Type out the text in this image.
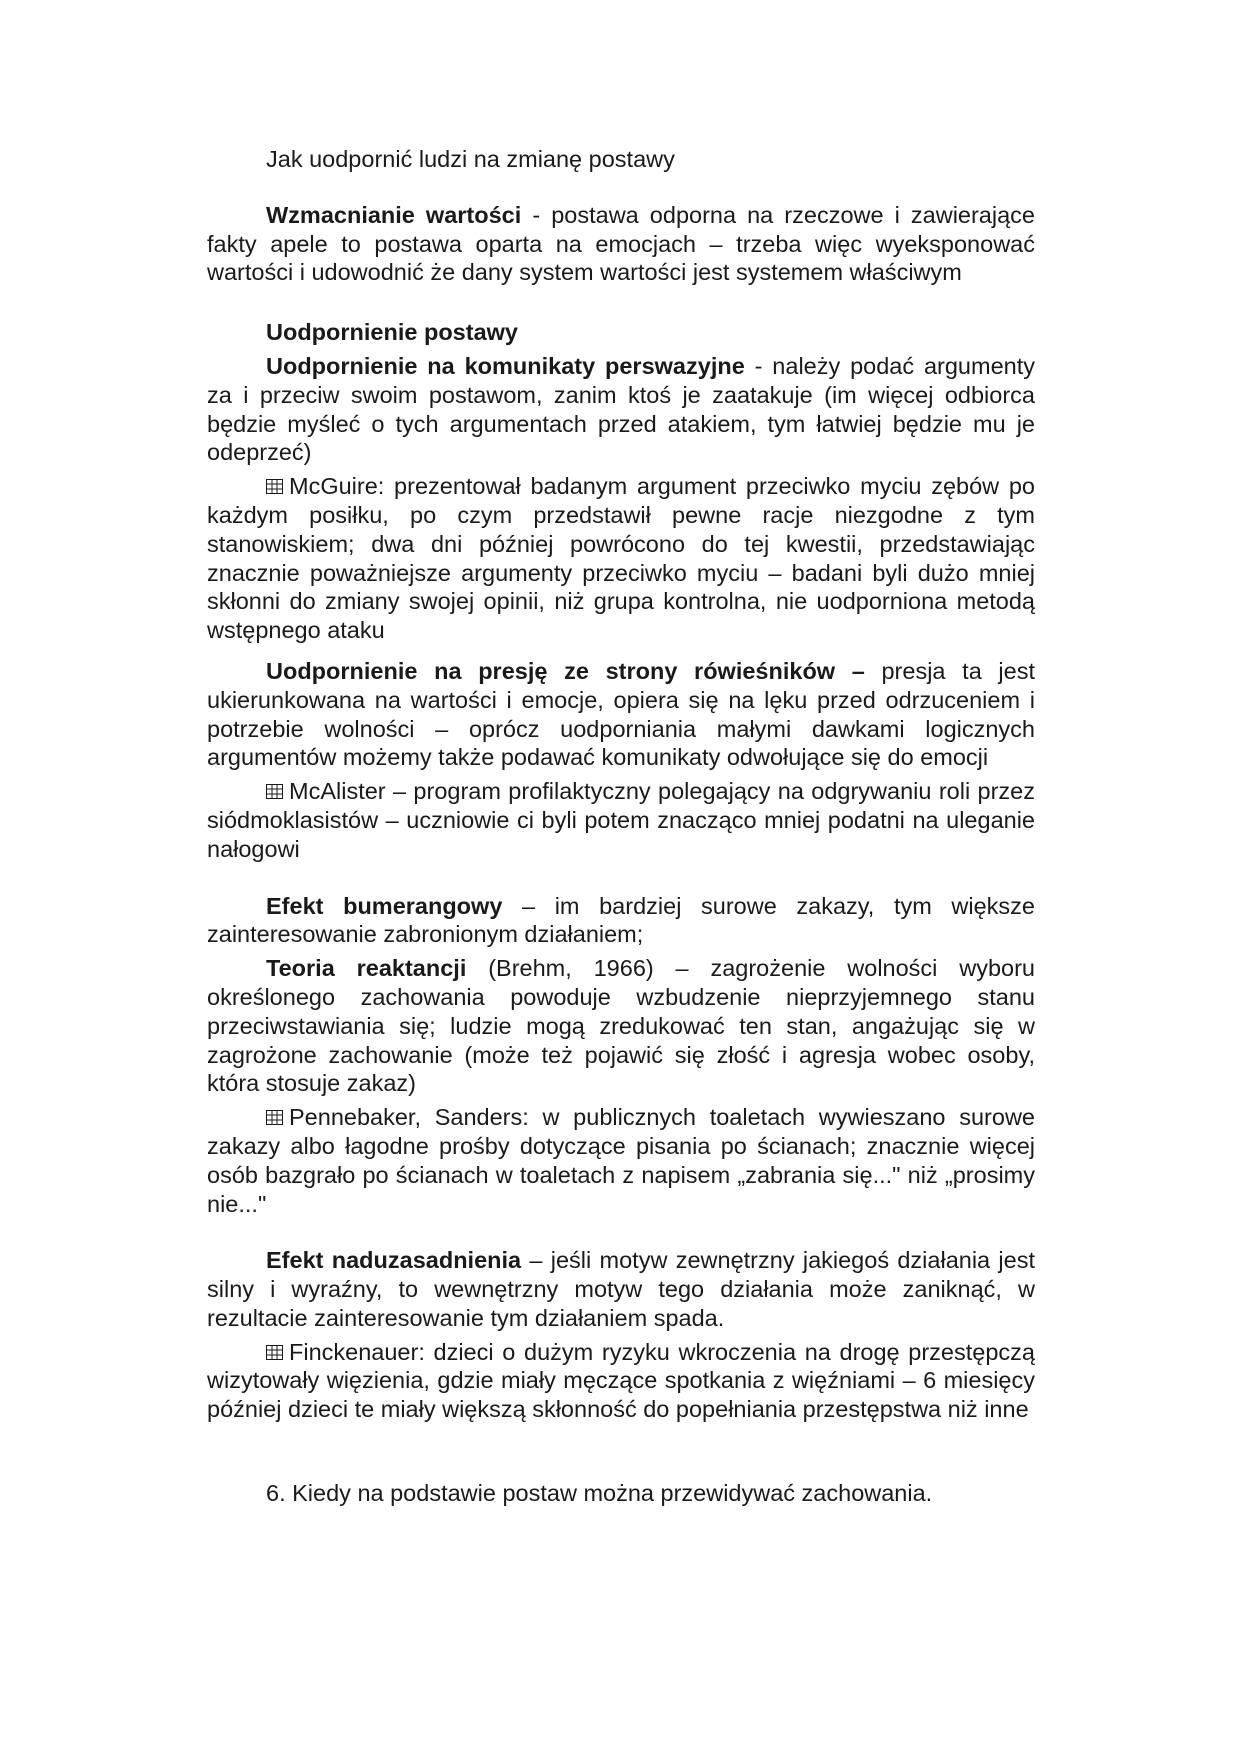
Jak uodpornić ludzi na zmianę postawy

Wzmacnianie wartości - postawa odporna na rzeczowe i zawierające fakty apele to postawa oparta na emocjach – trzeba więc wyeksponować wartości i udowodnić że dany system wartości jest systemem właściwym

Uodpornienie postawy

Uodpornienie na komunikaty perswazyjne - należy podać argumenty za i przeciw swoim postawom, zanim ktoś je zaatakuje (im więcej odbiorca będzie myśleć o tych argumentach przed atakiem, tym łatwiej będzie mu je odeprzeć)

McGuire: prezentował badanym argument przeciwko myciu zębów po każdym posiłku, po czym przedstawił pewne racje niezgodne z tym stanowiskiem; dwa dni później powrócono do tej kwestii, przedstawiając znacznie poważniejsze argumenty przeciwko myciu – badani byli dużo mniej skłonni do zmiany swojej opinii, niż grupa kontrolna, nie uodporniona metodą wstępnego ataku

Uodpornienie na presję ze strony rówieśników – presja ta jest ukierunkowana na wartości i emocje, opiera się na lęku przed odrzuceniem i potrzebie wolności – oprócz uodporniania małymi dawkami logicznych argumentów możemy także podawać komunikaty odwołujące się do emocji

McAlister – program profilaktyczny polegający na odgrywaniu roli przez siódmoklasistów – uczniowie ci byli potem znacząco mniej podatni na uleganie nałogowi

Efekt bumerangowy – im bardziej surowe zakazy, tym większe zainteresowanie zabronionym działaniem;

Teoria reaktancji (Brehm, 1966) – zagrożenie wolności wyboru określonego zachowania powoduje wzbudzenie nieprzyjemnego stanu przeciwstawiania się; ludzie mogą zredukować ten stan, angażując się w zagrożone zachowanie (może też pojawić się złość i agresja wobec osoby, która stosuje zakaz)

Pennebaker, Sanders: w publicznych toaletach wywieszano surowe zakazy albo łagodne prośby dotyczące pisania po ścianach; znacznie więcej osób bazgrało po ścianach w toaletach z napisem „zabrania się..." niż „prosimy nie..."

Efekt naduzasadnienia – jeśli motyw zewnętrzny jakiegoś działania jest silny i wyraźny, to wewnętrzny motyw tego działania może zaniknąć, w rezultacie zainteresowanie tym działaniem spada.

Finckenauer: dzieci o dużym ryzyku wkroczenia na drogę przestępczą wizytowały więzienia, gdzie miały męczące spotkania z więźniami – 6 miesięcy później dzieci te miały większą skłonność do popełniania przestępstwa niż inne

6. Kiedy na podstawie postaw można przewidywać zachowania.
